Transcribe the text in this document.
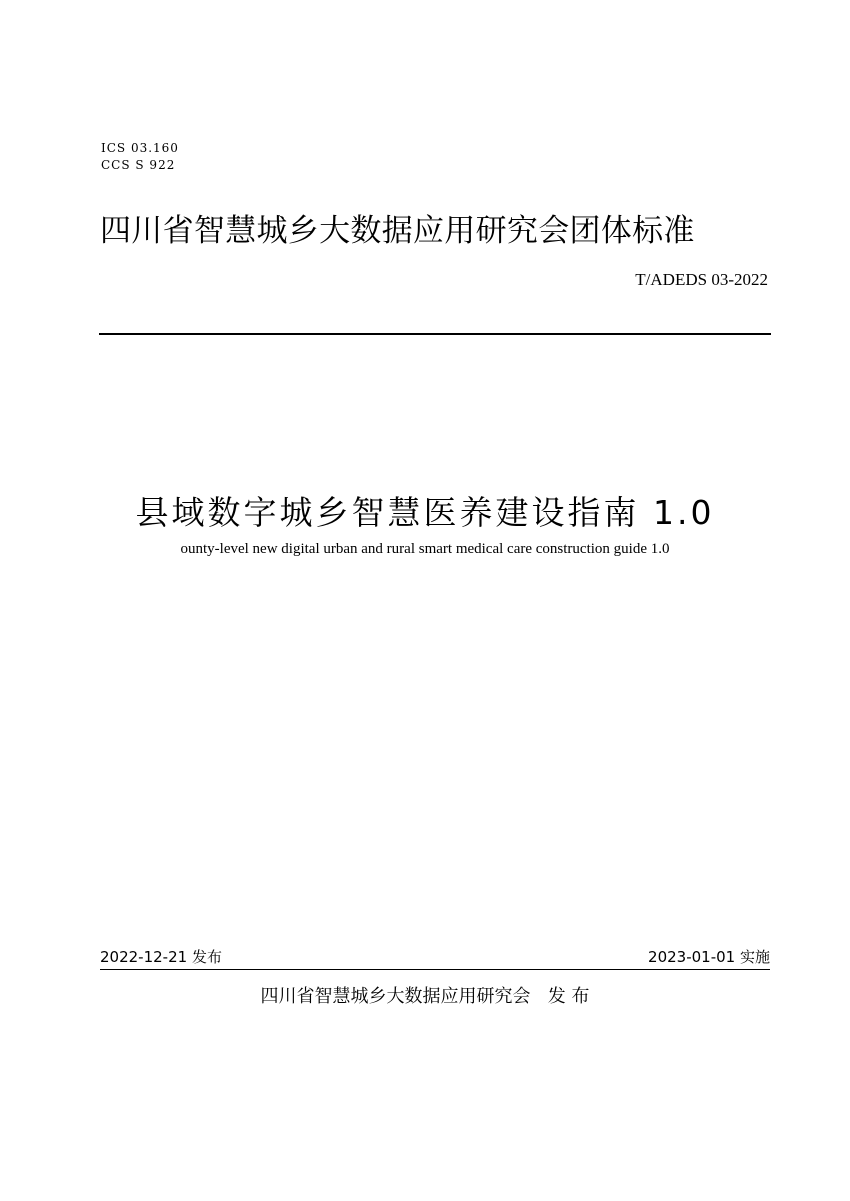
ICS 03.160
CCS S 922
四川省智慧城乡大数据应用研究会团体标准
T/ADEDS 03-2022
县域数字城乡智慧医养建设指南 1.0
ounty-level new digital urban and rural smart medical care construction guide 1.0
2022-12-21 发布	2023-01-01 实施
四川省智慧城乡大数据应用研究会 发 布
